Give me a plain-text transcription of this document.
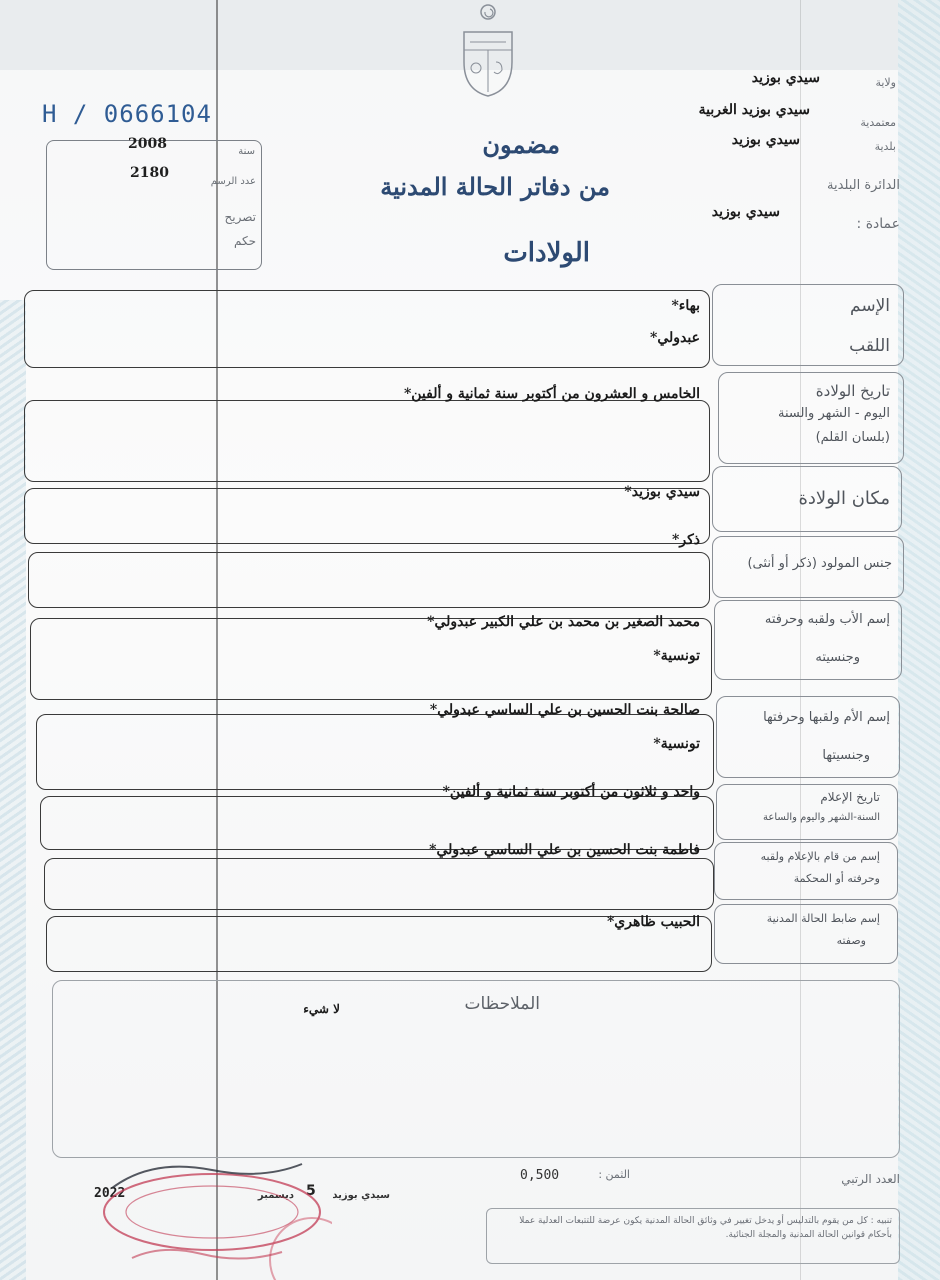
H / 0666104
2008
2180
سنة
عدد الرسم
تصريح
حكم
ولاية
سيدي بوزيد
معتمدية
سيدي بوزيد الغربية
بلدية
سيدي بوزيد
الدائرة البلدية
عمادة :
سيدي بوزيد
مضمون
من دفاتر الحالة المدنية
الولادات
الإسم
اللقب
بهاء*
عبدولي*
تاريخ الولادة
اليوم - الشهر والسنة
(بلسان القلم)
الخامس و العشرون من أكتوبر سنة ثمانية و ألفين*
مكان الولادة
سيدي بوزيد*
جنس المولود (ذكر أو أنثى)
ذكر*
إسم الأب ولقبه وحرفته
وجنسيته
محمد الصغير بن محمد بن علي الكبير عبدولي*
تونسية*
إسم الأم ولقبها وحرفتها
وجنسيتها
صالحة بنت الحسين بن علي الساسي عبدولي*
تونسية*
تاريخ الإعلام
السنة-الشهر واليوم والساعة
واحد و ثلاثون من أكتوبر سنة ثمانية و ألفين*
إسم من قام بالإعلام ولقبه
وحرفته أو المحكمة
فاطمة بنت الحسين بن علي الساسي عبدولي*
إسم ضابط الحالة المدنية
وصفته
الحبيب ظاهري*
الملاحظات
لا شيء
العدد الرتبي
الثمن :
0,500
سيدي بوزيد
5
ديسمبر
2022
تنبيه : كل من يقوم بالتدليس أو يدخل تغيير في وثائق الحالة المدنية يكون عرضة للتتبعات العدلية عملا بأحكام قوانين الحالة المدنية والمجلة الجنائية.
